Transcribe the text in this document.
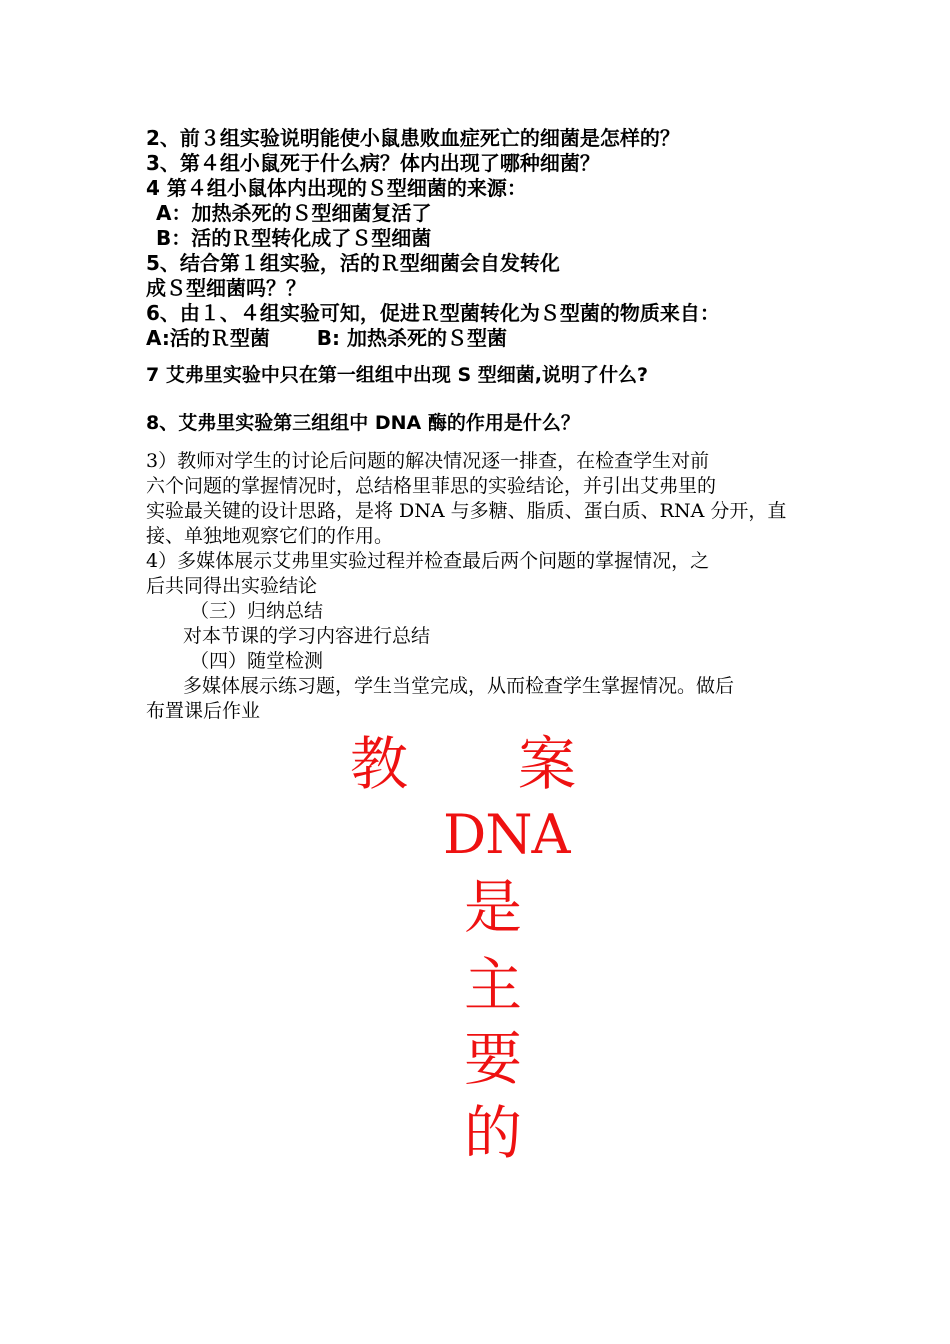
2、前３组实验说明能使小鼠患败血症死亡的细菌是怎样的？
3、第４组小鼠死于什么病？体内出现了哪种细菌？
4 第４组小鼠体内出现的Ｓ型细菌的来源：
A：加热杀死的Ｓ型细菌复活了
B：活的Ｒ型转化成了Ｓ型细菌
5、结合第１组实验，活的Ｒ型细菌会自发转化
成Ｓ型细菌吗？？
6、由１、４组实验可知，促进Ｒ型菌转化为Ｓ型菌的物质来自：
A:活的Ｒ型菌　　 B: 加热杀死的Ｓ型菌
7 艾弗里实验中只在第一组组中出现 S 型细菌,说明了什么?
8、艾弗里实验第三组组中 DNA 酶的作用是什么？
3）教师对学生的讨论后问题的解决情况逐一排查，在检查学生对前
六个问题的掌握情况时，总结格里菲思的实验结论，并引出艾弗里的
实验最关键的设计思路，是将 DNA 与多糖、脂质、蛋白质、RNA 分开，直
接、单独地观察它们的作用。
4）多媒体展示艾弗里实验过程并检查最后两个问题的掌握情况，之
后共同得出实验结论
（三）归纳总结
对本节课的学习内容进行总结
（四）随堂检测
多媒体展示练习题，学生当堂完成，从而检查学生掌握情况。做后
布置课后作业
教 案
DNA
是
主
要
的
